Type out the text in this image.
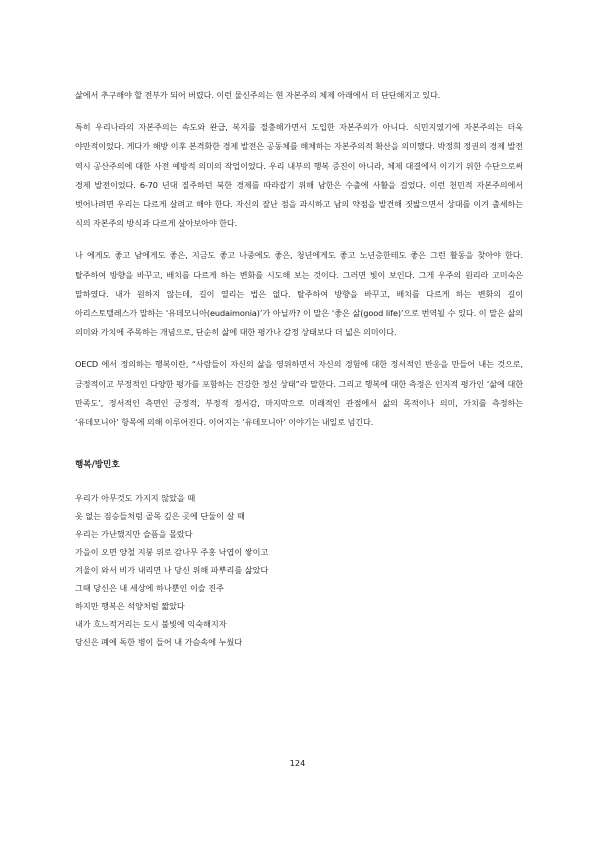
삶에서 추구해야 할 전부가 되어 버렸다. 이런 물신주의는 현 자본주의 체제 아래에서 더 단단해지고 있다.

특히 우리나라의 자본주의는 속도와 완급, 복지를 절충해가면서 도입한 자본주의가 아니다. 식민지였기에 자본주의는 더욱 야만적이었다. 게다가 해방 이후 본격화한 경제 발전은 공동체를 해체하는 자본주의적 확산을 의미했다. 박정희 정권의 경제 발전 역시 공산주의에 대한 사전 예방적 의미의 작업이었다. 우리 내부의 행복 증진이 아니라, 체제 대결에서 이기기 위한 수단으로써 경제 발전이었다. 6-70 년대 질주하던 북한 경제를 따라잡기 위해 남한은 수출에 사활을 걸었다. 이런 천민적 자본주의에서 벗어나려면 우리는 다르게 살려고 해야 한다. 자신의 잘난 점을 과시하고 남의 약점을 발견해 짓밟으면서 상대를 이겨 출세하는 식의 자본주의 방식과 다르게 살아보아야 한다.

나 에게도 좋고 남에게도 좋은, 지금도 좋고 나중에도 좋은, 청년에게도 좋고 노년층한테도 좋은 그런 활동을 찾아야 한다. 탈주하여 방향을 바꾸고, 배치를 다르게 하는 변화를 시도해 보는 것이다. 그러면 빛이 보인다. 그게 우주의 원리라 고미숙은 말하였다. 내가 원하지 않는데, 길이 열리는 법은 없다. 탈주하여 방향을 바꾸고, 배치를 다르게 하는 변화의 길이 아리스토텔레스가 말하는 ‘유데모니아(eudaimonia)’가 아닐까? 이 말은 ‘좋은 삶(good life)’으로 번역될 수 있다. 이 말은 삶의 의미와 가치에 주목하는 개념으로, 단순히 삶에 대한 평가나 감정 상태보다 더 넓은 의미이다.

OECD 에서 정의하는 행복이란, “사람들이 자신의 삶을 영위하면서 자신의 경험에 대한 정서적인 반응을 만들어 내는 것으로, 긍정적이고 부정적인 다양한 평가를 포함하는 건강한 정신 상태”라 말한다. 그리고 행복에 대한 측정은 인지적 평가인 ‘삶에 대한 만족도’, 정서적인 측면인 긍정적, 부정적 정서감, 마지막으로 미래적인 관점에서 삶의 목적이나 의미, 가치를 측정하는 ‘유데모니아’ 항목에 의해 이루어진다. 이어지는 ‘유데모니아’ 이야기는 내일로 넘긴다.

행복/방민호
우리가 아무것도 가지지 않았을 때
옷 없는 짐승들처럼 골목 깊은 곳에 단둘이 살 때
우리는 가난했지만 슬픔을 몰랐다
가을이 오면 양철 지붕 위로 감나무 주홍 낙엽이 쌓이고
겨울이 와서 비가 내리면 나 당신 위해 파뿌리를 삶았다
그때 당신은 내 세상에 하나뿐인 이슬 진주
하지만 행복은 석양처럼 짧았다
내가 흐느적거리는 도시 불빛에 익숙해지자
당신은 폐에 독한 병이 들어 내 가슴속에 누웠다
124
